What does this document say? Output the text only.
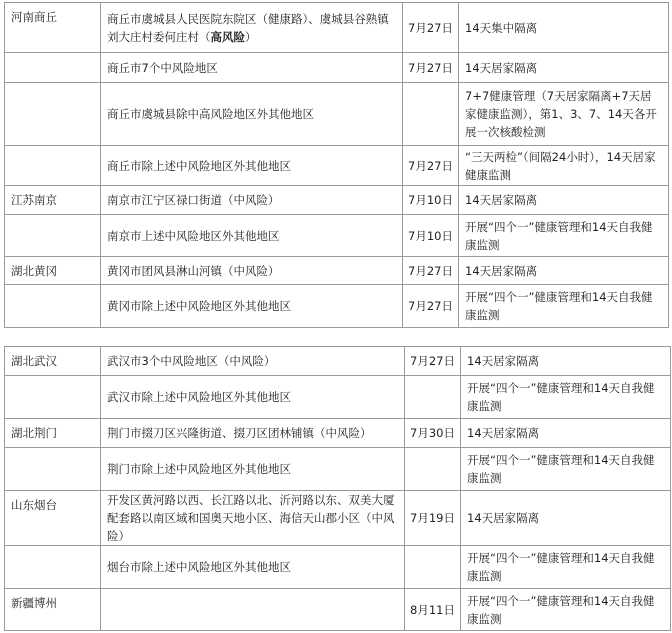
河南商丘	商丘市虞城县人民医院东院区（健康路）、虞城县谷熟镇刘大庄村委何庄村（高风险）	7月27日	14天集中隔离
	商丘市7个中风险地区	7月27日	14天居家隔离
	商丘市虞城县除中高风险地区外其他地区		7+7健康管理（7天居家隔离+7天居家健康监测），第1、3、7、14天各开展一次核酸检测
	商丘市除上述中风险地区外其他地区	7月27日	“三天两检”（间隔24小时），14天居家健康监测
江苏南京	南京市江宁区禄口街道（中风险）	7月10日	14天居家隔离
	南京市上述中风险地区外其他地区	7月10日	开展“四个一”健康管理和14天自我健康监测
湖北黄冈	黄冈市团风县淋山河镇（中风险）	7月27日	14天居家隔离
	黄冈市除上述中风险地区外其他地区	7月27日	开展“四个一”健康管理和14天自我健康监测
湖北武汉	武汉市3个中风险地区（中风险）	7月27日	14天居家隔离
	武汉市除上述中风险地区外其他地区		开展“四个一”健康管理和14天自我健康监测
湖北荆门	荆门市掇刀区兴隆街道、掇刀区团林铺镇（中风险）	7月30日	14天居家隔离
	荆门市除上述中风险地区外其他地区		开展“四个一”健康管理和14天自我健康监测
山东烟台	开发区黄河路以西、长江路以北、沂河路以东、双美大厦配套路以南区域和国奥天地小区、海信天山郡小区（中风险）	7月19日	14天居家隔离
	烟台市除上述中风险地区外其他地区		开展“四个一”健康管理和14天自我健康监测
新疆博州		8月11日	开展“四个一”健康管理和14天自我健康监测
